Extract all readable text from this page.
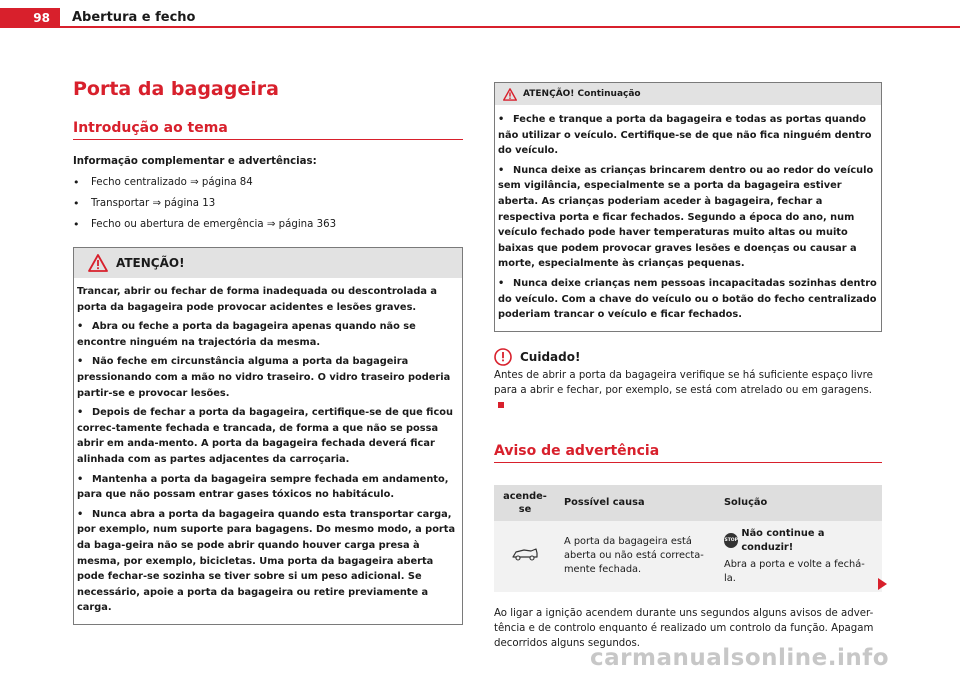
98	Abertura e fecho
Porta da bagageira
Introdução ao tema
Informação complementar e advertências:
• Fecho centralizado ⇒ página 84
• Transportar ⇒ página 13
• Fecho ou abertura de emergência ⇒ página 363
ATENÇÃO!
Trancar, abrir ou fechar de forma inadequada ou descontrolada a porta da bagageira pode provocar acidentes e lesões graves.
• Abra ou feche a porta da bagageira apenas quando não se encontre ninguém na trajectória da mesma.
• Não feche em circunstância alguma a porta da bagageira pressionando com a mão no vidro traseiro. O vidro traseiro poderia partir-se e provocar lesões.
• Depois de fechar a porta da bagageira, certifique-se de que ficou correc-tamente fechada e trancada, de forma a que não se possa abrir em anda-mento. A porta da bagageira fechada deverá ficar alinhada com as partes adjacentes da carroçaria.
• Mantenha a porta da bagageira sempre fechada em andamento, para que não possam entrar gases tóxicos no habitáculo.
• Nunca abra a porta da bagageira quando esta transportar carga, por exemplo, num suporte para bagagens. Do mesmo modo, a porta da baga-geira não se pode abrir quando houver carga presa à mesma, por exemplo, bicicletas. Uma porta da bagageira aberta pode fechar-se sozinha se tiver sobre si um peso adicional. Se necessário, apoie a porta da bagageira ou retire previamente a carga.
ATENÇÃO! Continuação
• Feche e tranque a porta da bagageira e todas as portas quando não utilizar o veículo. Certifique-se de que não fica ninguém dentro do veículo.
• Nunca deixe as crianças brincarem dentro ou ao redor do veículo sem vigilância, especialmente se a porta da bagageira estiver aberta. As crianças poderiam aceder à bagageira, fechar a respectiva porta e ficar fechados. Segundo a época do ano, num veículo fechado pode haver temperaturas muito altas ou muito baixas que podem provocar graves lesões e doenças ou causar a morte, especialmente às crianças pequenas.
• Nunca deixe crianças nem pessoas incapacitadas sozinhas dentro do veículo. Com a chave do veículo ou o botão do fecho centralizado poderiam trancar o veículo e ficar fechados.
Cuidado!
Antes de abrir a porta da bagageira verifique se há suficiente espaço livre para a abrir e fechar, por exemplo, se está com atrelado ou em garagens.
Aviso de advertência
acende-se	Possível causa	Solução
	A porta da bagageira está aberta ou não está correcta-mente fechada.	STOP
Não continue a conduzir!
Abra a porta e volte a fechá-la.
Ao ligar a ignição acendem durante uns segundos alguns avisos de adver-tência e de controlo enquanto é realizado um controlo da função. Apagam decorridos alguns segundos.
carmanualsonline.info
